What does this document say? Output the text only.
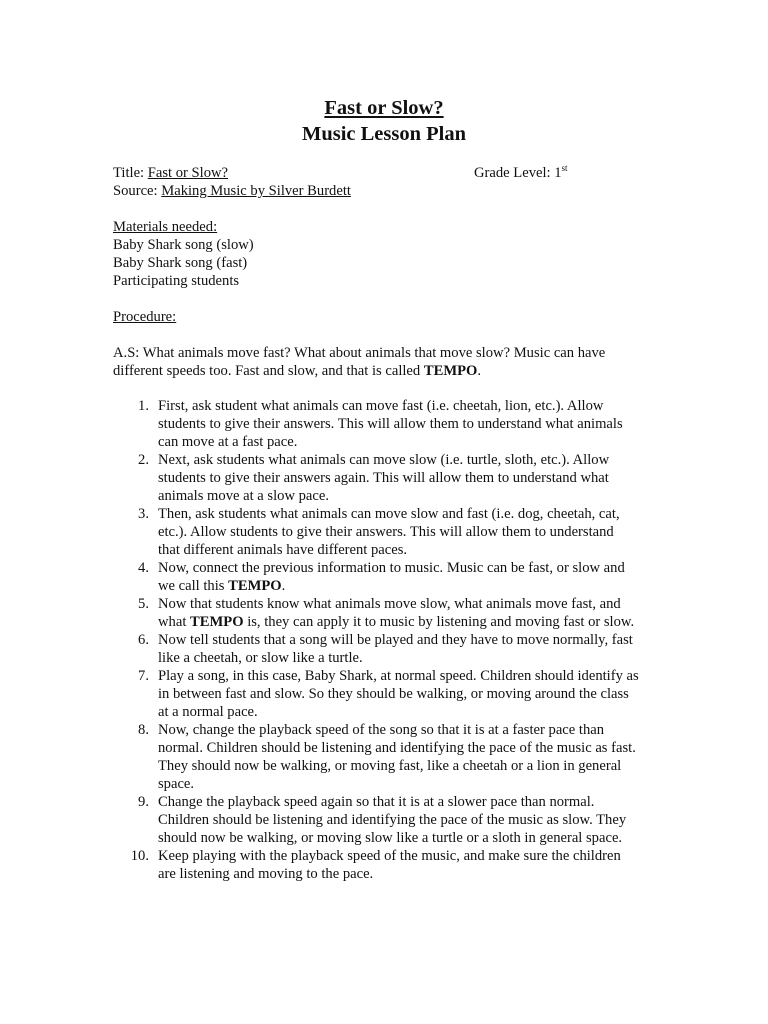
Fast or Slow?
Music Lesson Plan
Title: Fast or Slow?	Grade Level: 1st
Source: Making Music by Silver Burdett
Materials needed:
Baby Shark song (slow)
Baby Shark song (fast)
Participating students
Procedure:
A.S: What animals move fast? What about animals that move slow? Music can have different speeds too. Fast and slow, and that is called TEMPO.
1. First, ask student what animals can move fast (i.e. cheetah, lion, etc.). Allow
students to give their answers. This will allow them to understand what animals
can move at a fast pace.
2. Next, ask students what animals can move slow (i.e. turtle, sloth, etc.). Allow
students to give their answers again. This will allow them to understand what
animals move at a slow pace.
3. Then, ask students what animals can move slow and fast (i.e. dog, cheetah, cat,
etc.). Allow students to give their answers. This will allow them to understand
that different animals have different paces.
4. Now, connect the previous information to music. Music can be fast, or slow and
we call this TEMPO.
5. Now that students know what animals move slow, what animals move fast, and
what TEMPO is, they can apply it to music by listening and moving fast or slow.
6. Now tell students that a song will be played and they have to move normally, fast
like a cheetah, or slow like a turtle.
7. Play a song, in this case, Baby Shark, at normal speed. Children should identify as
in between fast and slow. So they should be walking, or moving around the class
at a normal pace.
8. Now, change the playback speed of the song so that it is at a faster pace than
normal. Children should be listening and identifying the pace of the music as fast.
They should now be walking, or moving fast, like a cheetah or a lion in general
space.
9. Change the playback speed again so that it is at a slower pace than normal.
Children should be listening and identifying the pace of the music as slow. They
should now be walking, or moving slow like a turtle or a sloth in general space.
10. Keep playing with the playback speed of the music, and make sure the children
are listening and moving to the pace.
